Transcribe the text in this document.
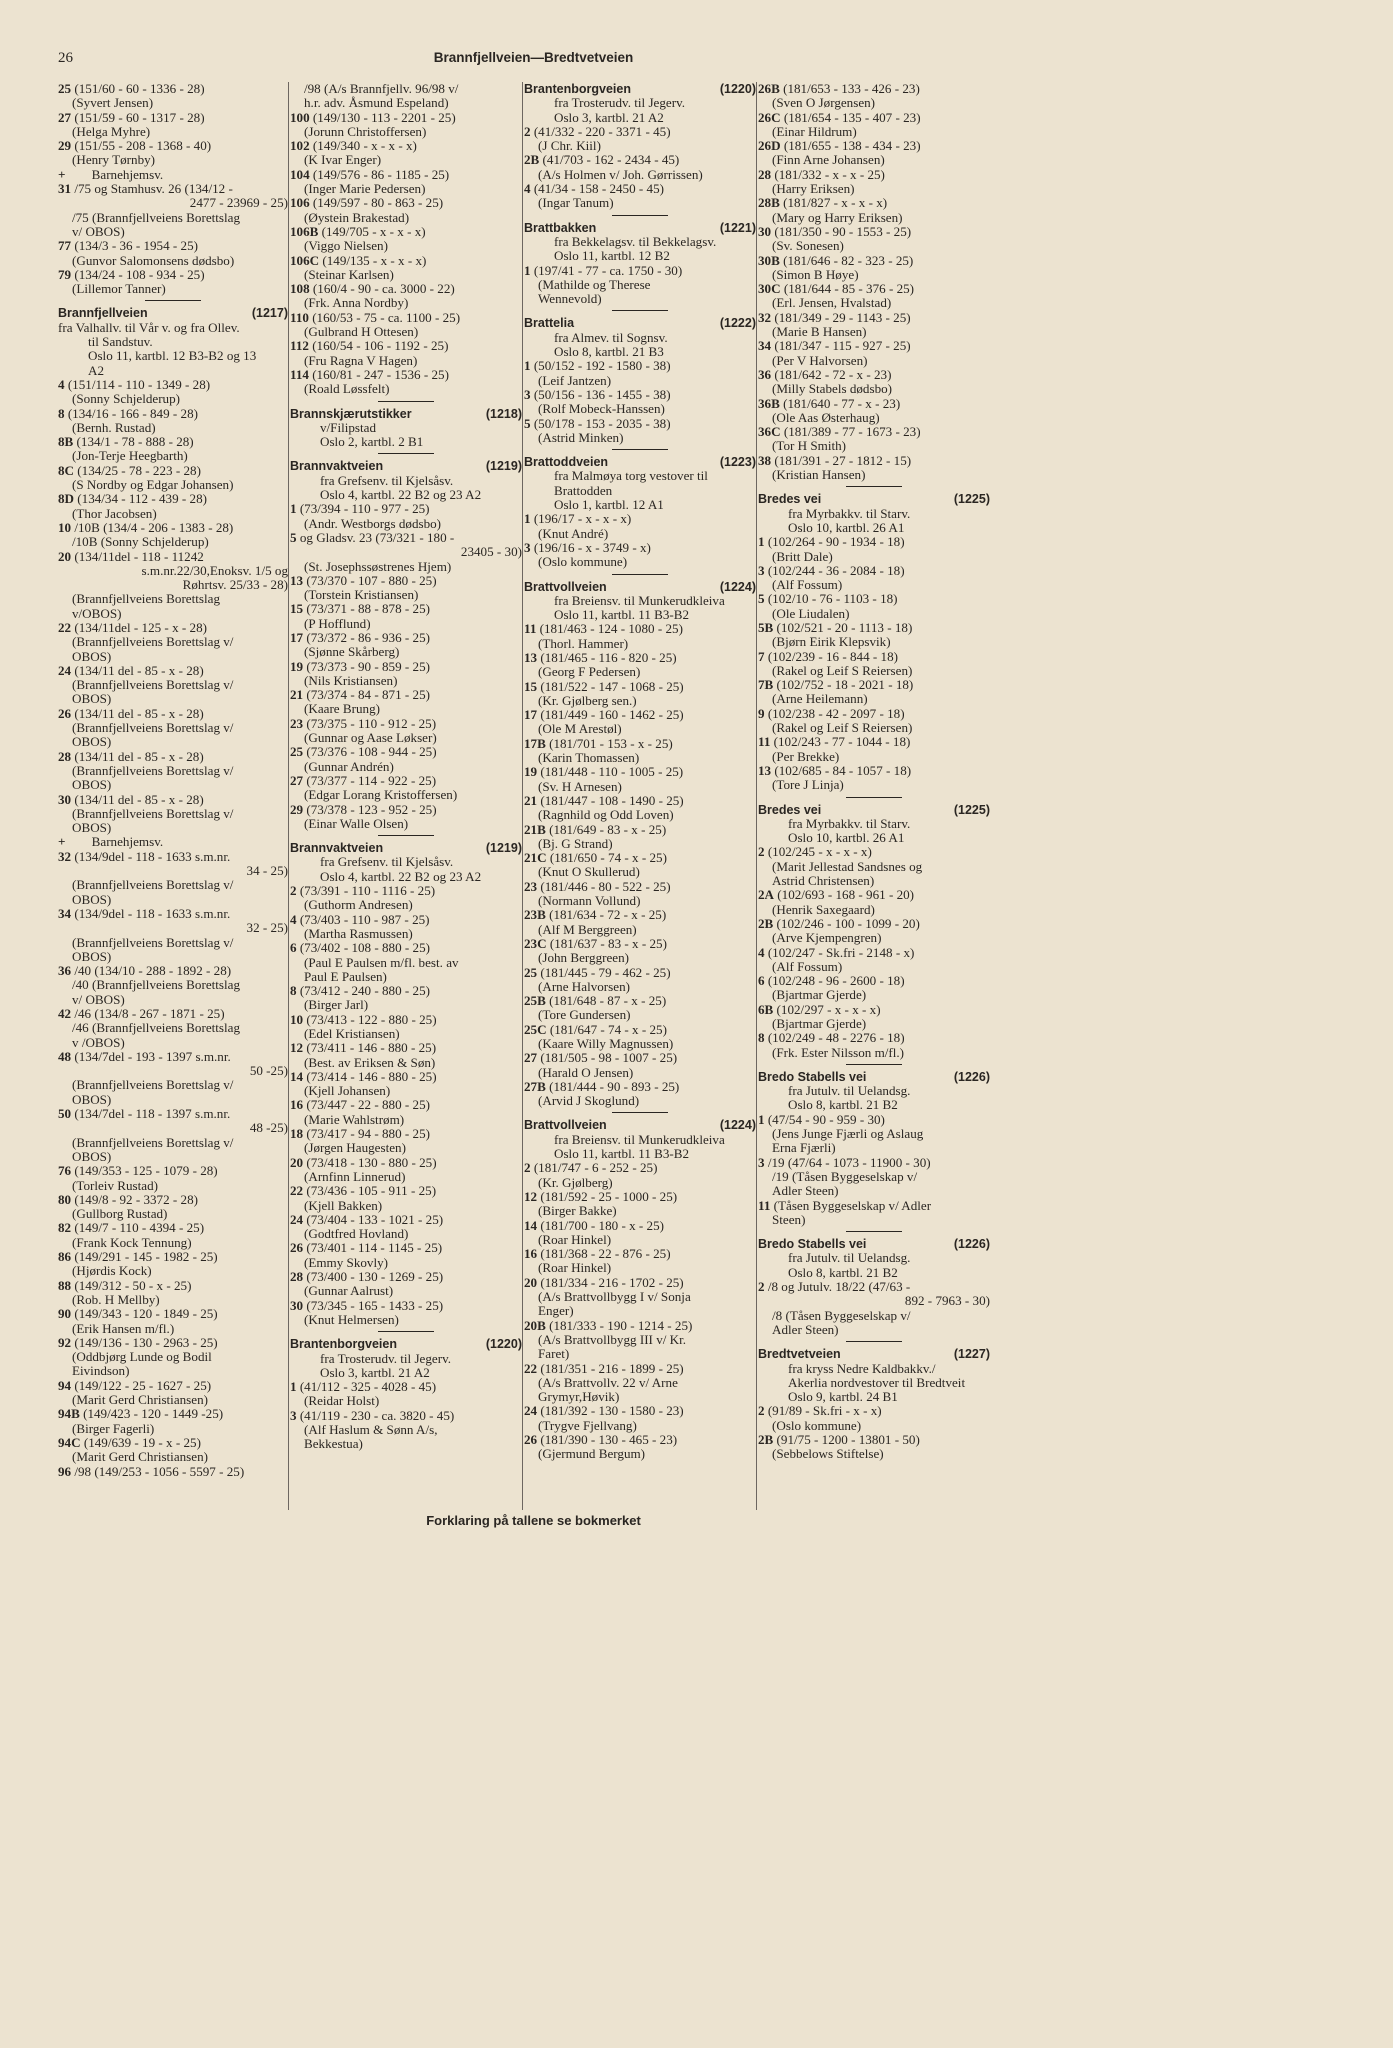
26	Brannfjellveien—Bredtvetveien
25 (151/60 - 60 - 1336 - 28)
(Syvert Jensen)
27 (151/59 - 60 - 1317 - 28)
(Helga Myhre)
29 (151/55 - 208 - 1368 - 40)
(Henry Tørnby)
+  Barnehjemsv.
31 /75 og Stamhusv. 26 (134/12 -
2477 - 23969 - 25)
/75 (Brannfjellveiens Borettslag
v/ OBOS)
77 (134/3 - 36 - 1954 - 25)
(Gunvor Salomonsens dødsbo)
79 (134/24 - 108 - 934 - 25)
(Lillemor Tanner)
Brannfjellveien	(1217)
fra Valhallv. til Vår v. og fra Ollev.
til Sandstuv.
Oslo 11, kartbl. 12 B3-B2 og 13
A2
4 (151/114 - 110 - 1349 - 28)
(Sonny Schjelderup)
8 (134/16 - 166 - 849 - 28)
(Bernh. Rustad)
8B (134/1 - 78 - 888 - 28)
(Jon-Terje Heegbarth)
8C (134/25 - 78 - 223 - 28)
(S Nordby og Edgar Johansen)
8D (134/34 - 112 - 439 - 28)
(Thor Jacobsen)
10 /10B (134/4 - 206 - 1383 - 28)
/10B (Sonny Schjelderup)
20 (134/11del - 118 - 11242
s.m.nr.22/30,Enoksv. 1/5 og
Røhrtsv. 25/33 - 28)
(Brannfjellveiens Borettslag
v/OBOS)
22 (134/11del - 125 - x - 28)
(Brannfjellveiens Borettslag v/
OBOS)
24 (134/11 del - 85 - x - 28)
(Brannfjellveiens Borettslag v/
OBOS)
26 (134/11 del - 85 - x - 28)
(Brannfjellveiens Borettslag v/
OBOS)
28 (134/11 del - 85 - x - 28)
(Brannfjellveiens Borettslag v/
OBOS)
30 (134/11 del - 85 - x - 28)
(Brannfjellveiens Borettslag v/
OBOS)
+  Barnehjemsv.
32 (134/9del - 118 - 1633 s.m.nr.
34 - 25)
(Brannfjellveiens Borettslag v/
OBOS)
34 (134/9del - 118 - 1633 s.m.nr.
32 - 25)
(Brannfjellveiens Borettslag v/
OBOS)
36 /40 (134/10 - 288 - 1892 - 28)
/40 (Brannfjellveiens Borettslag
v/ OBOS)
42 /46 (134/8 - 267 - 1871 - 25)
/46 (Brannfjellveiens Borettslag
v /OBOS)
48 (134/7del - 193 - 1397 s.m.nr.
50 -25)
(Brannfjellveiens Borettslag v/
OBOS)
50 (134/7del - 118 - 1397 s.m.nr.
48 -25)
(Brannfjellveiens Borettslag v/
OBOS)
76 (149/353 - 125 - 1079 - 28)
(Torleiv Rustad)
80 (149/8 - 92 - 3372 - 28)
(Gullborg Rustad)
82 (149/7 - 110 - 4394 - 25)
(Frank Kock Tennung)
86 (149/291 - 145 - 1982 - 25)
(Hjørdis Kock)
88 (149/312 - 50 - x - 25)
(Rob. H Mellby)
90 (149/343 - 120 - 1849 - 25)
(Erik Hansen m/fl.)
92 (149/136 - 130 - 2963 - 25)
(Oddbjørg Lunde og Bodil
Eivindson)
94 (149/122 - 25 - 1627 - 25)
(Marit Gerd Christiansen)
94B (149/423 - 120 - 1449 -25)
(Birger Fagerli)
94C (149/639 - 19 - x - 25)
(Marit Gerd Christiansen)
96 /98 (149/253 - 1056 - 5597 - 25)
/98 (A/s Brannfjellv. 96/98 v/
h.r. adv. Åsmund Espeland)
100 (149/130 - 113 - 2201 - 25)
(Jorunn Christoffersen)
102 (149/340 - x - x - x)
(K Ivar Enger)
104 (149/576 - 86 - 1185 - 25)
(Inger Marie Pedersen)
106 (149/597 - 80 - 863 - 25)
(Øystein Brakestad)
106B (149/705 - x - x - x)
(Viggo Nielsen)
106C (149/135 - x - x - x)
(Steinar Karlsen)
108 (160/4 - 90 - ca. 3000 - 22)
(Frk. Anna Nordby)
110 (160/53 - 75 - ca. 1100 - 25)
(Gulbrand H Ottesen)
112 (160/54 - 106 - 1192 - 25)
(Fru Ragna V Hagen)
114 (160/81 - 247 - 1536 - 25)
(Roald Løssfelt)
Brannskjærutstikker	(1218)
v/Filipstad
Oslo 2, kartbl. 2 B1
Brannvaktveien	(1219)
fra Grefsenv. til Kjelsåsv.
Oslo 4, kartbl. 22 B2 og 23 A2
1 (73/394 - 110 - 977 - 25)
(Andr. Westborgs dødsbo)
5 og Gladsv. 23 (73/321 - 180 -
23405 - 30)
(St. Josephssøstrenes Hjem)
13 (73/370 - 107 - 880 - 25)
(Torstein Kristiansen)
15 (73/371 - 88 - 878 - 25)
(P Hofflund)
17 (73/372 - 86 - 936 - 25)
(Sjønne Skårberg)
19 (73/373 - 90 - 859 - 25)
(Nils Kristiansen)
21 (73/374 - 84 - 871 - 25)
(Kaare Brung)
23 (73/375 - 110 - 912 - 25)
(Gunnar og Aase Løkser)
25 (73/376 - 108 - 944 - 25)
(Gunnar Andrén)
27 (73/377 - 114 - 922 - 25)
(Edgar Lorang Kristoffersen)
29 (73/378 - 123 - 952 - 25)
(Einar Walle Olsen)
Brannvaktveien	(1219)
fra Grefsenv. til Kjelsåsv.
Oslo 4, kartbl. 22 B2 og 23 A2
2 (73/391 - 110 - 1116 - 25)
(Guthorm Andresen)
4 (73/403 - 110 - 987 - 25)
(Martha Rasmussen)
6 (73/402 - 108 - 880 - 25)
(Paul E Paulsen m/fl. best. av
Paul E Paulsen)
8 (73/412 - 240 - 880 - 25)
(Birger Jarl)
10 (73/413 - 122 - 880 - 25)
(Edel Kristiansen)
12 (73/411 - 146 - 880 - 25)
(Best. av Eriksen & Søn)
14 (73/414 - 146 - 880 - 25)
(Kjell Johansen)
16 (73/447 - 22 - 880 - 25)
(Marie Wahlstrøm)
18 (73/417 - 94 - 880 - 25)
(Jørgen Haugesten)
20 (73/418 - 130 - 880 - 25)
(Arnfinn Linnerud)
22 (73/436 - 105 - 911 - 25)
(Kjell Bakken)
24 (73/404 - 133 - 1021 - 25)
(Godtfred Hovland)
26 (73/401 - 114 - 1145 - 25)
(Emmy Skovly)
28 (73/400 - 130 - 1269 - 25)
(Gunnar Aalrust)
30 (73/345 - 165 - 1433 - 25)
(Knut Helmersen)
Brantenborgveien	(1220)
fra Trosterudv. til Jegerv.
Oslo 3, kartbl. 21 A2
1 (41/112 - 325 - 4028 - 45)
(Reidar Holst)
3 (41/119 - 230 - ca. 3820 - 45)
(Alf Haslum & Sønn A/s,
Bekkestua)
Brantenborgveien	(1220)
fra Trosterudv. til Jegerv.
Oslo 3, kartbl. 21 A2
2 (41/332 - 220 - 3371 - 45)
(J Chr. Kiil)
2B (41/703 - 162 - 2434 - 45)
(A/s Holmen v/ Joh. Gørrissen)
4 (41/34 - 158 - 2450 - 45)
(Ingar Tanum)
Brattbakken	(1221)
fra Bekkelagsv. til Bekkelagsv.
Oslo 11, kartbl. 12 B2
1 (197/41 - 77 - ca. 1750 - 30)
(Mathilde og Therese
Wennevold)
Brattelia	(1222)
fra Almev. til Sognsv.
Oslo 8, kartbl. 21 B3
1 (50/152 - 192 - 1580 - 38)
(Leif Jantzen)
3 (50/156 - 136 - 1455 - 38)
(Rolf Mobeck-Hanssen)
5 (50/178 - 153 - 2035 - 38)
(Astrid Minken)
Brattoddveien	(1223)
fra Malmøya torg vestover til
Brattodden
Oslo 1, kartbl. 12 A1
1 (196/17 - x - x - x)
(Knut André)
3 (196/16 - x - 3749 - x)
(Oslo kommune)
Brattvollveien	(1224)
fra Breiensv. til Munkerudkleiva
Oslo 11, kartbl. 11 B3-B2
11 (181/463 - 124 - 1080 - 25)
(Thorl. Hammer)
13 (181/465 - 116 - 820 - 25)
(Georg F Pedersen)
15 (181/522 - 147 - 1068 - 25)
(Kr. Gjølberg sen.)
17 (181/449 - 160 - 1462 - 25)
(Ole M Arestøl)
17B (181/701 - 153 - x - 25)
(Karin Thomassen)
19 (181/448 - 110 - 1005 - 25)
(Sv. H Arnesen)
21 (181/447 - 108 - 1490 - 25)
(Ragnhild og Odd Loven)
21B (181/649 - 83 - x - 25)
(Bj. G Strand)
21C (181/650 - 74 - x - 25)
(Knut O Skullerud)
23 (181/446 - 80 - 522 - 25)
(Normann Vollund)
23B (181/634 - 72 - x - 25)
(Alf M Berggreen)
23C (181/637 - 83 - x - 25)
(John Berggreen)
25 (181/445 - 79 - 462 - 25)
(Arne Halvorsen)
25B (181/648 - 87 - x - 25)
(Tore Gundersen)
25C (181/647 - 74 - x - 25)
(Kaare Willy Magnussen)
27 (181/505 - 98 - 1007 - 25)
(Harald O Jensen)
27B (181/444 - 90 - 893 - 25)
(Arvid J Skoglund)
Brattvollveien	(1224)
fra Breiensv. til Munkerudkleiva
Oslo 11, kartbl. 11 B3-B2
2 (181/747 - 6 - 252 - 25)
(Kr. Gjølberg)
12 (181/592 - 25 - 1000 - 25)
(Birger Bakke)
14 (181/700 - 180 - x - 25)
(Roar Hinkel)
16 (181/368 - 22 - 876 - 25)
(Roar Hinkel)
20 (181/334 - 216 - 1702 - 25)
(A/s Brattvollbygg I v/ Sonja
Enger)
20B (181/333 - 190 - 1214 - 25)
(A/s Brattvollbygg III v/ Kr.
Faret)
22 (181/351 - 216 - 1899 - 25)
(A/s Brattvollv. 22 v/ Arne
Grymyr,Høvik)
24 (181/392 - 130 - 1580 - 23)
(Trygve Fjellvang)
26 (181/390 - 130 - 465 - 23)
(Gjermund Bergum)
26B (181/653 - 133 - 426 - 23)
(Sven O Jørgensen)
26C (181/654 - 135 - 407 - 23)
(Einar Hildrum)
26D (181/655 - 138 - 434 - 23)
(Finn Arne Johansen)
28 (181/332 - x - x - 25)
(Harry Eriksen)
28B (181/827 - x - x - x)
(Mary og Harry Eriksen)
30 (181/350 - 90 - 1553 - 25)
(Sv. Sonesen)
30B (181/646 - 82 - 323 - 25)
(Simon B Høye)
30C (181/644 - 85 - 376 - 25)
(Erl. Jensen, Hvalstad)
32 (181/349 - 29 - 1143 - 25)
(Marie B Hansen)
34 (181/347 - 115 - 927 - 25)
(Per V Halvorsen)
36 (181/642 - 72 - x - 23)
(Milly Stabels dødsbo)
36B (181/640 - 77 - x - 23)
(Ole Aas Østerhaug)
36C (181/389 - 77 - 1673 - 23)
(Tor H Smith)
38 (181/391 - 27 - 1812 - 15)
(Kristian Hansen)
Bredes vei	(1225)
fra Myrbakkv. til Starv.
Oslo 10, kartbl. 26 A1
1 (102/264 - 90 - 1934 - 18)
(Britt Dale)
3 (102/244 - 36 - 2084 - 18)
(Alf Fossum)
5 (102/10 - 76 - 1103 - 18)
(Ole Liudalen)
5B (102/521 - 20 - 1113 - 18)
(Bjørn Eirik Klepsvik)
7 (102/239 - 16 - 844 - 18)
(Rakel og Leif S Reiersen)
7B (102/752 - 18 - 2021 - 18)
(Arne Heilemann)
9 (102/238 - 42 - 2097 - 18)
(Rakel og Leif S Reiersen)
11 (102/243 - 77 - 1044 - 18)
(Per Brekke)
13 (102/685 - 84 - 1057 - 18)
(Tore J Linja)
Bredes vei	(1225)
fra Myrbakkv. til Starv.
Oslo 10, kartbl. 26 A1
2 (102/245 - x - x - x)
(Marit Jellestad Sandsnes og
Astrid Christensen)
2A (102/693 - 168 - 961 - 20)
(Henrik Saxegaard)
2B (102/246 - 100 - 1099 - 20)
(Arve Kjempengren)
4 (102/247 - Sk.fri - 2148 - x)
(Alf Fossum)
6 (102/248 - 96 - 2600 - 18)
(Bjartmar Gjerde)
6B (102/297 - x - x - x)
(Bjartmar Gjerde)
8 (102/249 - 48 - 2276 - 18)
(Frk. Ester Nilsson m/fl.)
Bredo Stabells vei	(1226)
fra Jutulv. til Uelandsg.
Oslo 8, kartbl. 21 B2
1 (47/54 - 90 - 959 - 30)
(Jens Junge Fjærli og Aslaug
Erna Fjærli)
3 /19 (47/64 - 1073 - 11900 - 30)
/19 (Tåsen Byggeselskap v/
Adler Steen)
11 (Tåsen Byggeselskap v/ Adler
Steen)
Bredo Stabells vei	(1226)
fra Jutulv. til Uelandsg.
Oslo 8, kartbl. 21 B2
2 /8 og Jutulv. 18/22 (47/63 -
892 - 7963 - 30)
/8 (Tåsen Byggeselskap v/
Adler Steen)
Bredtvetveien	(1227)
fra kryss Nedre Kaldbakkv./
Akerlia nordvestover til Bredtveit
Oslo 9, kartbl. 24 B1
2 (91/89 - Sk.fri - x - x)
(Oslo kommune)
2B (91/75 - 1200 - 13801 - 50)
(Sebbelows Stiftelse)
Forklaring på tallene se bokmerket
